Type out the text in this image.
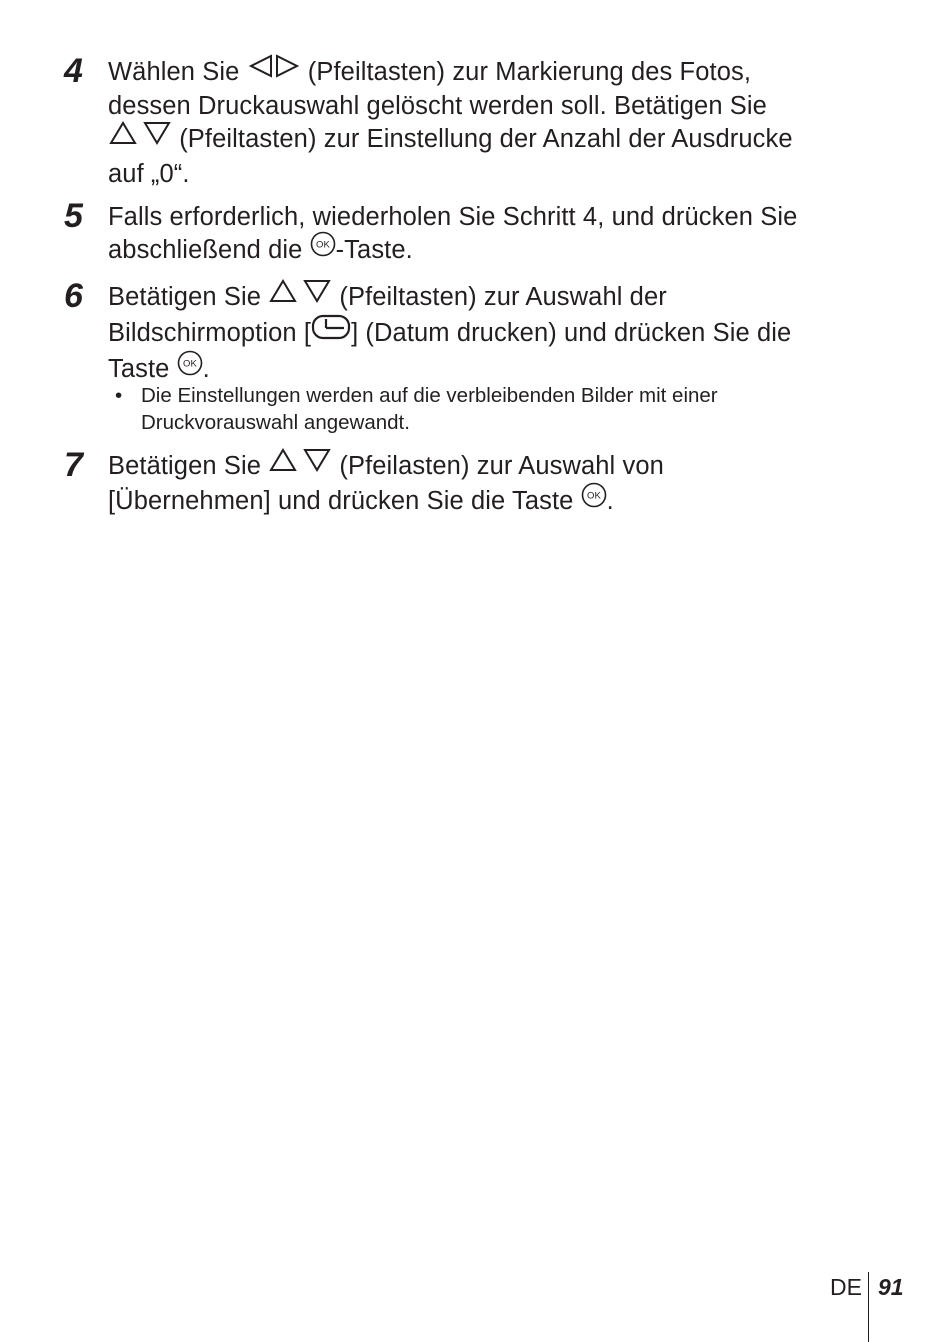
4 Wählen Sie	(Pfeiltasten) zur Markierung des Fotos,
dessen Druckauswahl gelöscht werden soll. Betätigen Sie
(Pfeiltasten) zur Einstellung der Anzahl der Ausdrucke
auf „0“.
5 Falls erforderlich, wiederholen Sie Schritt 4, und drücken Sie
abschließend die OK -Taste.
6 Betätigen Sie	(Pfeiltasten) zur Auswahl der
Bildschirmoption [ ] (Datum drucken) und drücken Sie die
Taste OK .
• Die Einstellungen werden auf die verbleibenden Bilder mit einer
Druckvorauswahl angewandt.
7 Betätigen Sie	(Pfeilasten) zur Auswahl von
[Übernehmen] und drücken Sie die Taste OK .
DE 91
